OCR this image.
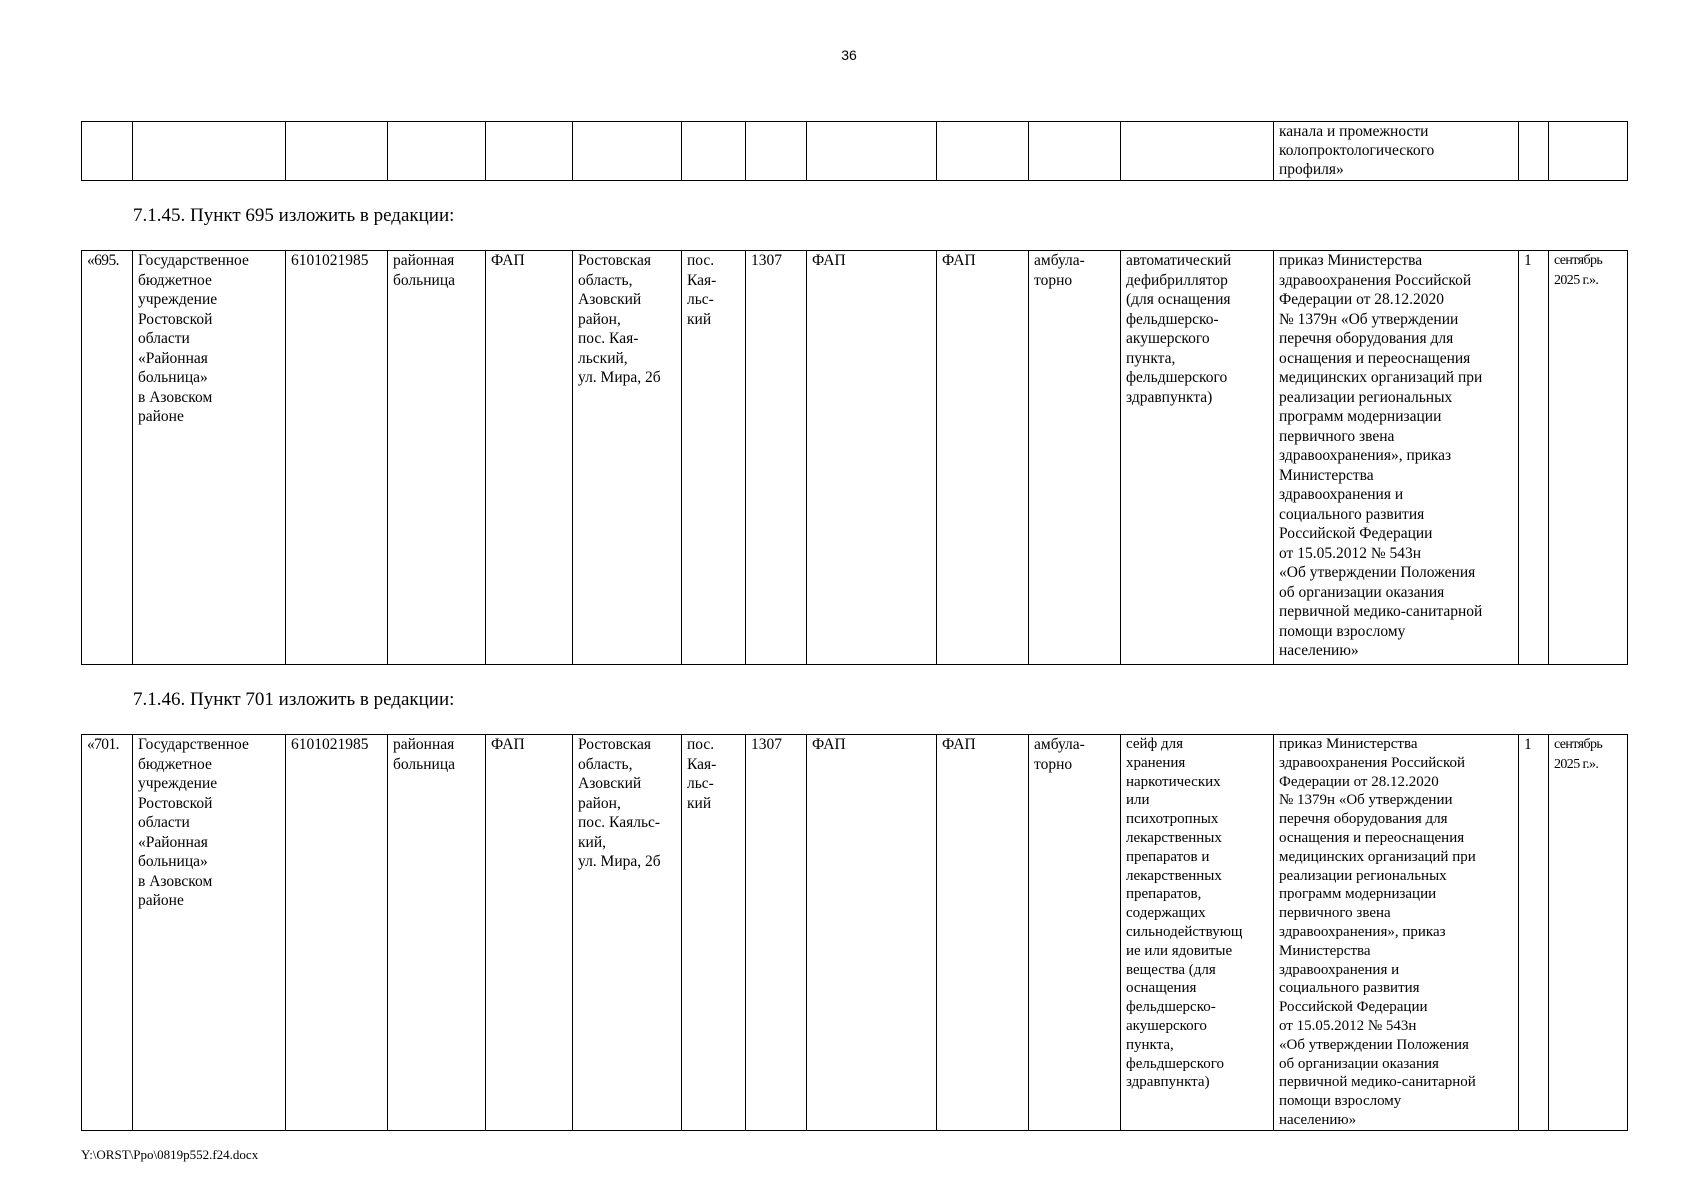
36
												канала и промежности
колопроктологического
профиля»		
7.1.45. Пункт 695 изложить в редакции:
«695.	Государственное
бюджетное
учреждение
Ростовской
области
«Районная
больница»
в Азовском
районе	6101021985	районная
больница	ФАП	Ростовская
область,
Азовский
район,
пос. Кая-
льский,
ул. Мира, 2б	пос.
Кая-
льс-
кий	1307	ФАП	ФАП	амбула-
торно	автоматический
дефибриллятор
(для оснащения
фельдшерско-
акушерского
пункта,
фельдшерского
здравпункта)	приказ Министерства
здравоохранения Российской
Федерации от 28.12.2020
№ 1379н «Об утверждении
перечня оборудования для
оснащения и переоснащения
медицинских организаций при
реализации региональных
программ модернизации
первичного звена
здравоохранения», приказ
Министерства
здравоохранения и
социального развития
Российской Федерации
от 15.05.2012 № 543н
«Об утверждении Положения
об организации оказания
первичной медико-санитарной
помощи взрослому
населению»	1	сентябрь
2025 г.».
7.1.46. Пункт 701 изложить в редакции:
«701.	Государственное
бюджетное
учреждение
Ростовской
области
«Районная
больница»
в Азовском
районе	6101021985	районная
больница	ФАП	Ростовская
область,
Азовский
район,
пос. Каяльс-
кий,
ул. Мира, 2б	пос.
Кая-
льс-
кий	1307	ФАП	ФАП	амбула-
торно	сейф для
хранения
наркотических
или
психотропных
лекарственных
препаратов и
лекарственных
препаратов,
содержащих
сильнодействующ
ие или ядовитые
вещества (для
оснащения
фельдшерско-
акушерского
пункта,
фельдшерского
здравпункта)	приказ Министерства
здравоохранения Российской
Федерации от 28.12.2020
№ 1379н «Об утверждении
перечня оборудования для
оснащения и переоснащения
медицинских организаций при
реализации региональных
программ модернизации
первичного звена
здравоохранения», приказ
Министерства
здравоохранения и
социального развития
Российской Федерации
от 15.05.2012 № 543н
«Об утверждении Положения
об организации оказания
первичной медико-санитарной
помощи взрослому
населению»	1	сентябрь
2025 г.».
Y:\ORST\Ppo\0819p552.f24.docx
